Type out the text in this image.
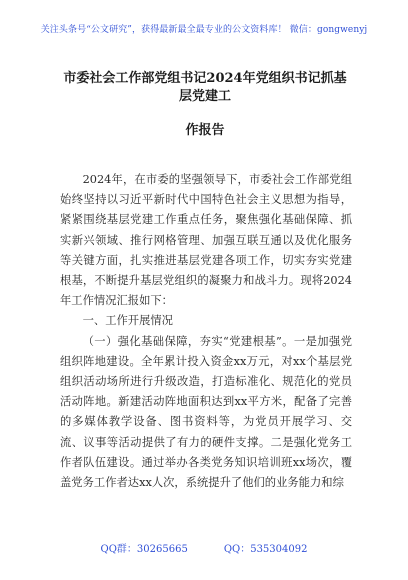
关注头条号“公文研究”，获得最新最全最专业的公文资料库！ 微信：gongwenyj
市委社会工作部党组书记2024年党组织书记抓基层党建工
作报告

2024年，在市委的坚强领导下，市委社会工作部党组始终坚持以习近平新时代中国特色社会主义思想为指导，紧紧围绕基层党建工作重点任务，聚焦强化基础保障、抓实新兴领域、推行网格管理、加强互联互通以及优化服务等关键方面，扎实推进基层党建各项工作，切实夯实党建根基，不断提升基层党组织的凝聚力和战斗力。现将2024年工作情况汇报如下：

一、工作开展情况

（一）强化基础保障，夯实“党建根基”。一是加强党组织阵地建设。全年累计投入资金xx万元，对xx个基层党组织活动场所进行升级改造，打造标准化、规范化的党员活动阵地。新建活动阵地面积达到xx平方米，配备了完善的多媒体教学设备、图书资料等，为党员开展学习、交流、议事等活动提供了有力的硬件支撑。二是强化党务工作者队伍建设。通过举办各类党务知识培训班xx场次，覆盖党务工作者达xx人次，系统提升了他们的业务能力和综

QQ群：30265665	QQ：535304092
